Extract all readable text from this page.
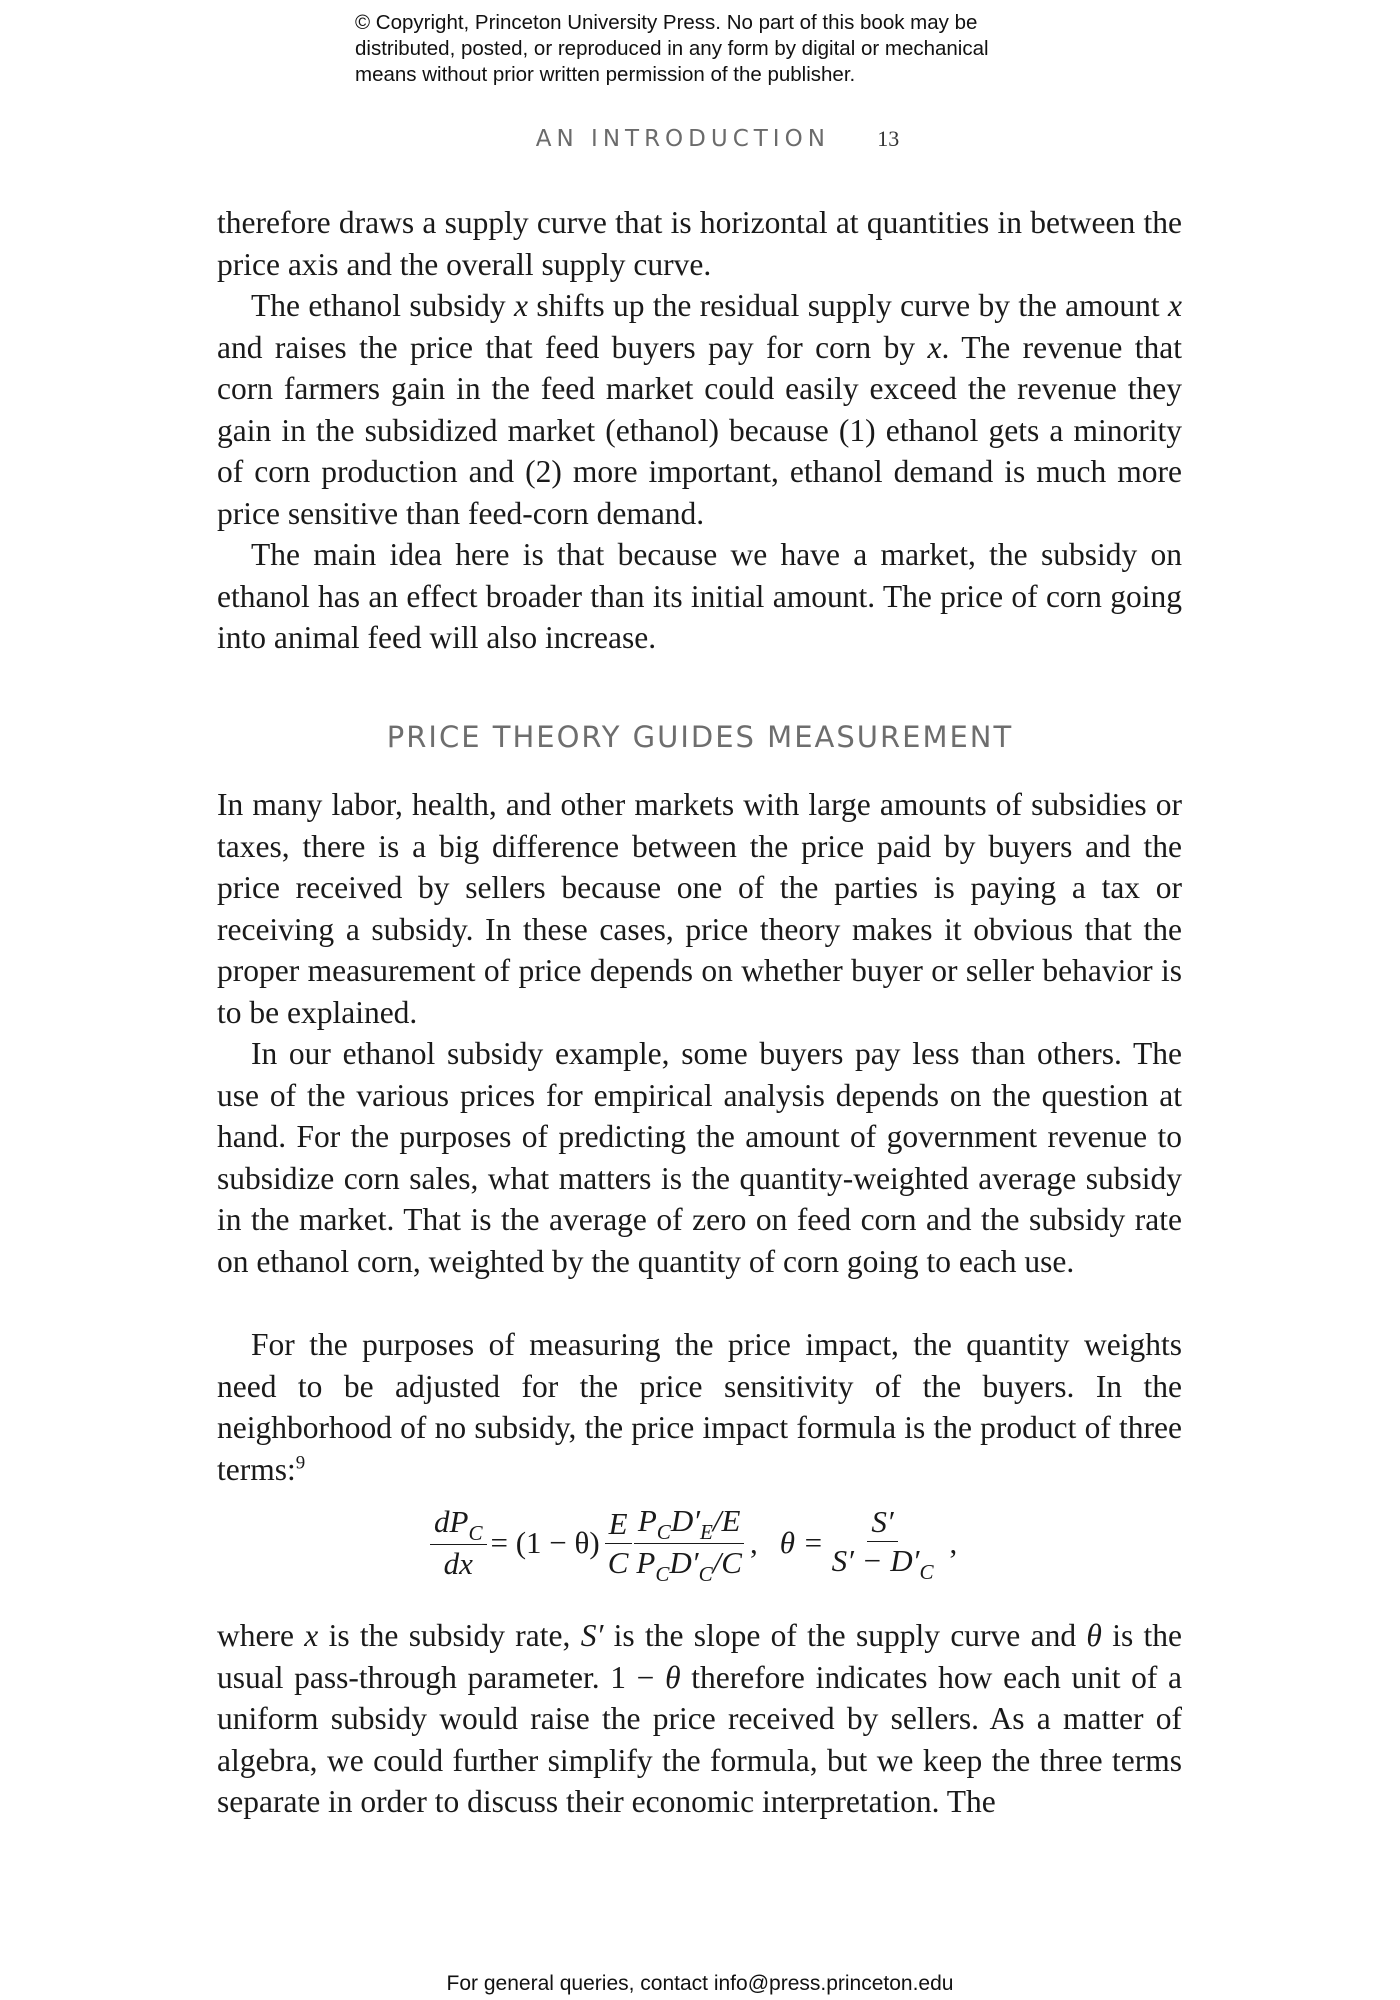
© Copyright, Princeton University Press. No part of this book may be
distributed, posted, or reproduced in any form by digital or mechanical
means without prior written permission of the publisher.
AN INTRODUCTION 13

therefore draws a supply curve that is horizontal at quantities in between the price axis and the overall supply curve.

The ethanol subsidy x shifts up the residual supply curve by the amount x and raises the price that feed buyers pay for corn by x. The revenue that corn farmers gain in the feed market could easily exceed the revenue they gain in the subsidized market (ethanol) because (1) ethanol gets a minority of corn production and (2) more important, ethanol demand is much more price sensitive than feed-corn demand.

The main idea here is that because we have a market, the subsidy on ethanol has an effect broader than its initial amount. The price of corn going into animal feed will also increase.

PRICE THEORY GUIDES MEASUREMENT

In many labor, health, and other markets with large amounts of subsidies or taxes, there is a big difference between the price paid by buyers and the price received by sellers because one of the parties is paying a tax or receiving a subsidy. In these cases, price theory makes it obvious that the proper measurement of price depends on whether buyer or seller behavior is to be explained.

In our ethanol subsidy example, some buyers pay less than others. The use of the various prices for empirical analysis depends on the question at hand. For the purposes of predicting the amount of government revenue to subsidize corn sales, what matters is the quantity-weighted average subsidy in the market. That is the average of zero on feed corn and the subsidy rate on ethanol corn, weighted by the quantity of corn going to each use.

For the purposes of measuring the price impact, the quantity weights need to be adjusted for the price sensitivity of the buyers. In the neighborhood of no subsidy, the price impact formula is the product of three terms:$^9$

$\frac{dP_C}{dx} = (1 - \theta) \frac{E}{C} \frac{P_CD'_E/E}{P_CD'_C/C}$ , $\theta = \frac{S'}{S' - D'_C}$ ,

where x is the subsidy rate, S′ is the slope of the supply curve and θ is the usual pass-through parameter. 1 − θ therefore indicates how each unit of a uniform subsidy would raise the price received by sellers. As a matter of algebra, we could further simplify the formula, but we keep the three terms separate in order to discuss their economic interpretation. The

For general queries, contact info@press.princeton.edu
